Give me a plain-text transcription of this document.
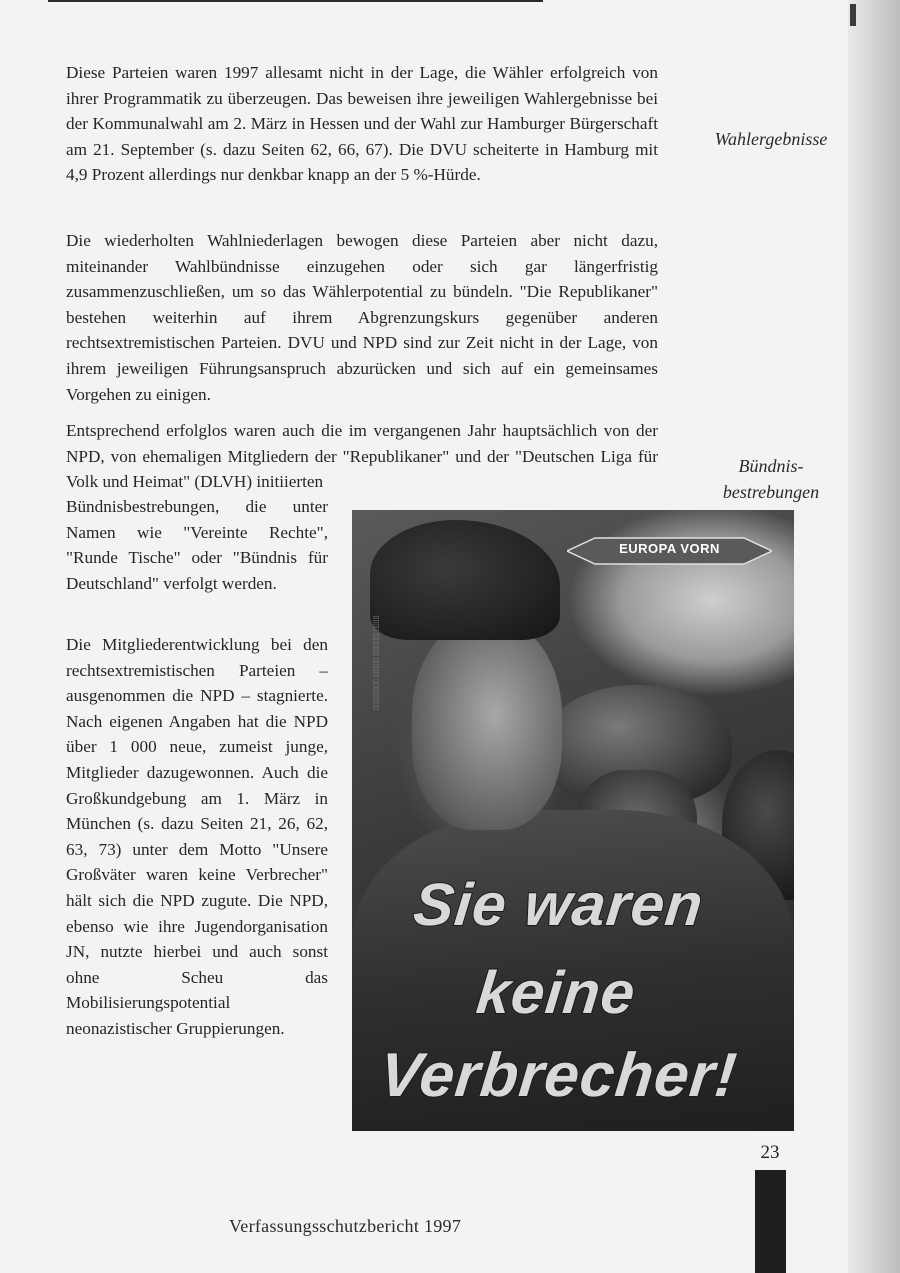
Diese Parteien waren 1997 allesamt nicht in der Lage, die Wähler erfolgreich von ihrer Programmatik zu überzeugen. Das beweisen ihre jeweiligen Wahlergebnisse bei der Kommunalwahl am 2. März in Hessen und der Wahl zur Hamburger Bürgerschaft am 21. September (s. dazu Seiten 62, 66, 67). Die DVU scheiterte in Hamburg mit 4,9 Prozent allerdings nur denkbar knapp an der 5 %-Hürde.

Die wiederholten Wahlniederlagen bewogen diese Parteien aber nicht dazu, miteinander Wahlbündnisse einzugehen oder sich gar längerfristig zusammenzuschließen, um so das Wählerpotential zu bündeln. "Die Republikaner" bestehen weiterhin auf ihrem Abgrenzungskurs gegenüber anderen rechtsextremistischen Parteien. DVU und NPD sind zur Zeit nicht in der Lage, von ihrem jeweiligen Führungsanspruch abzurücken und sich auf ein gemeinsames Vorgehen zu einigen.

Entsprechend erfolglos waren auch die im vergangenen Jahr hauptsächlich von der NPD, von ehemaligen Mitgliedern der "Republikaner" und der "Deutschen Liga für Volk und Heimat" (DLVH) initiierten

Bündnisbestrebungen, die unter Namen wie "Vereinte Rechte", "Runde Tische" oder "Bündnis für Deutschland" verfolgt werden.

Die Mitgliederentwicklung bei den rechtsextremistischen Parteien – ausgenommen die NPD – stagnierte. Nach eigenen Angaben hat die NPD über 1 000 neue, zumeist junge, Mitglieder dazugewonnen. Auch die Großkundgebung am 1. März in München (s. dazu Seiten 21, 26, 62, 63, 73) unter dem Motto "Unsere Großväter waren keine Verbrecher" hält sich die NPD zugute. Die NPD, ebenso wie ihre Jugendorganisation JN, nutzte hierbei und auch sonst ohne Scheu das Mobilisierungspotential neonazistischer Gruppierungen.

Wahlergebnisse
Bündnis-
bestrebungen
EUROPA VORN
▯▯▯▯▯▯▯▯ ▯▯▯▯▯ ▯▯▯▯▯▯ ▯▯▯▯
Sie waren
keine
Verbrecher!
23
Verfassungsschutzbericht 1997
